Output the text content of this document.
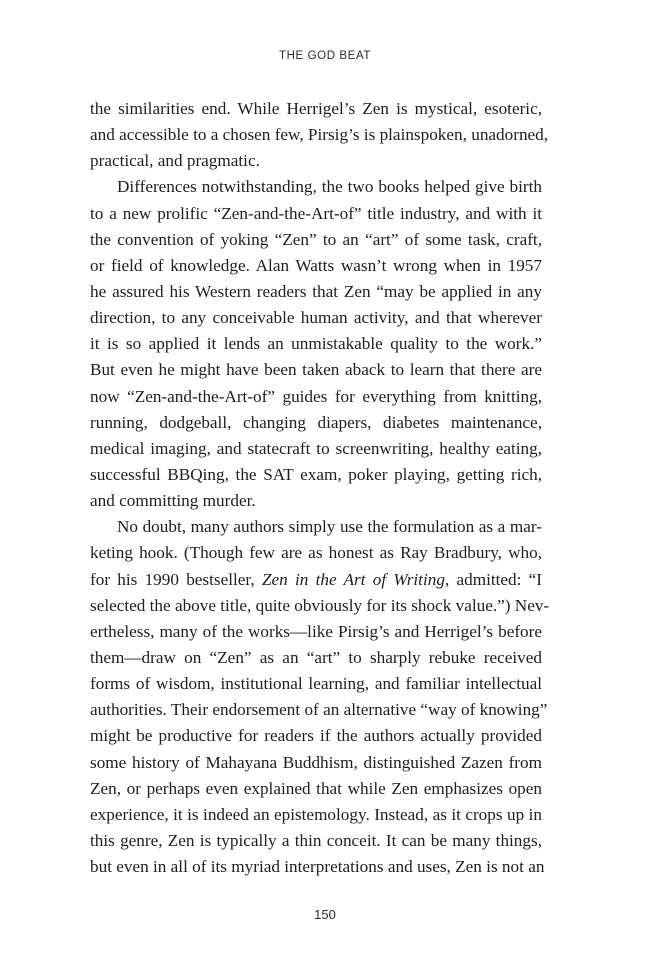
THE GOD BEAT
the similarities end. While Herrigel’s Zen is mystical, esoteric,
and accessible to a chosen few, Pirsig’s is plainspoken, unadorned,
practical, and pragmatic.
Differences notwithstanding, the two books helped give birth
to a new prolific “Zen-and-the-Art-of” title industry, and with it
the convention of yoking “Zen” to an “art” of some task, craft,
or field of knowledge. Alan Watts wasn’t wrong when in 1957
he assured his Western readers that Zen “may be applied in any
direction, to any conceivable human activity, and that wherever
it is so applied it lends an unmistakable quality to the work.”
But even he might have been taken aback to learn that there are
now “Zen-and-the-Art-of” guides for everything from knitting,
running, dodgeball, changing diapers, diabetes maintenance,
medical imaging, and statecraft to screenwriting, healthy eating,
successful BBQing, the SAT exam, poker playing, getting rich,
and committing murder.
No doubt, many authors simply use the formulation as a mar-
keting hook. (Though few are as honest as Ray Bradbury, who,
for his 1990 bestseller, Zen in the Art of Writing, admitted: “I
selected the above title, quite obviously for its shock value.”) Nev-
ertheless, many of the works—like Pirsig’s and Herrigel’s before
them—draw on “Zen” as an “art” to sharply rebuke received
forms of wisdom, institutional learning, and familiar intellectual
authorities. Their endorsement of an alternative “way of knowing”
might be productive for readers if the authors actually provided
some history of Mahayana Buddhism, distinguished Zazen from
Zen, or perhaps even explained that while Zen emphasizes open
experience, it is indeed an epistemology. Instead, as it crops up in
this genre, Zen is typically a thin conceit. It can be many things,
but even in all of its myriad interpretations and uses, Zen is not an
150
